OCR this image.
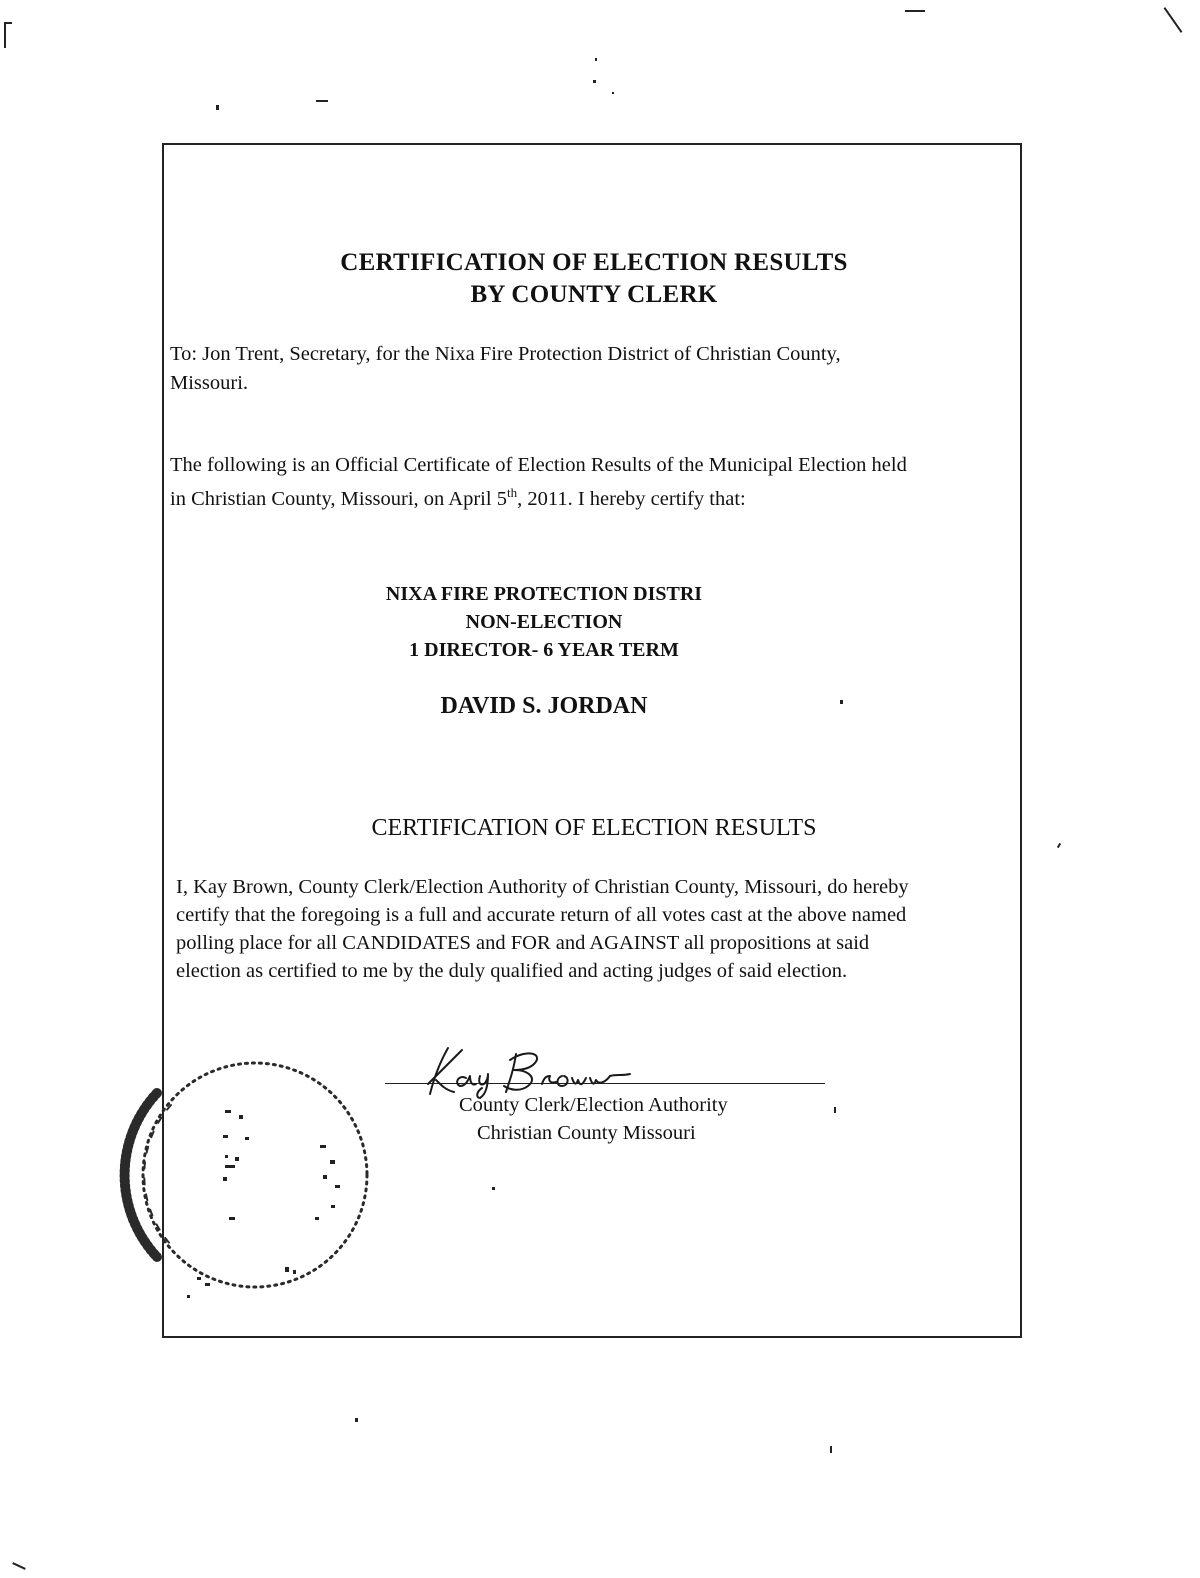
CERTIFICATION OF ELECTION RESULTS

BY COUNTY CLERK

To: Jon Trent, Secretary, for the Nixa Fire Protection District of Christian County,

Missouri.

The following is an Official Certificate of Election Results of the Municipal Election held

in Christian County, Missouri, on April 5th, 2011. I hereby certify that:

NIXA FIRE PROTECTION DISTRI

NON-ELECTION

1 DIRECTOR- 6 YEAR TERM

DAVID S. JORDAN

CERTIFICATION OF ELECTION RESULTS

I, Kay Brown, County Clerk/Election Authority of Christian County, Missouri, do hereby

certify that the foregoing is a full and accurate return of all votes cast at the above named

polling place for all CANDIDATES and FOR and AGAINST all propositions at said

election as certified to me by the duly qualified and acting judges of said election.

County Clerk/Election Authority

Christian County Missouri
